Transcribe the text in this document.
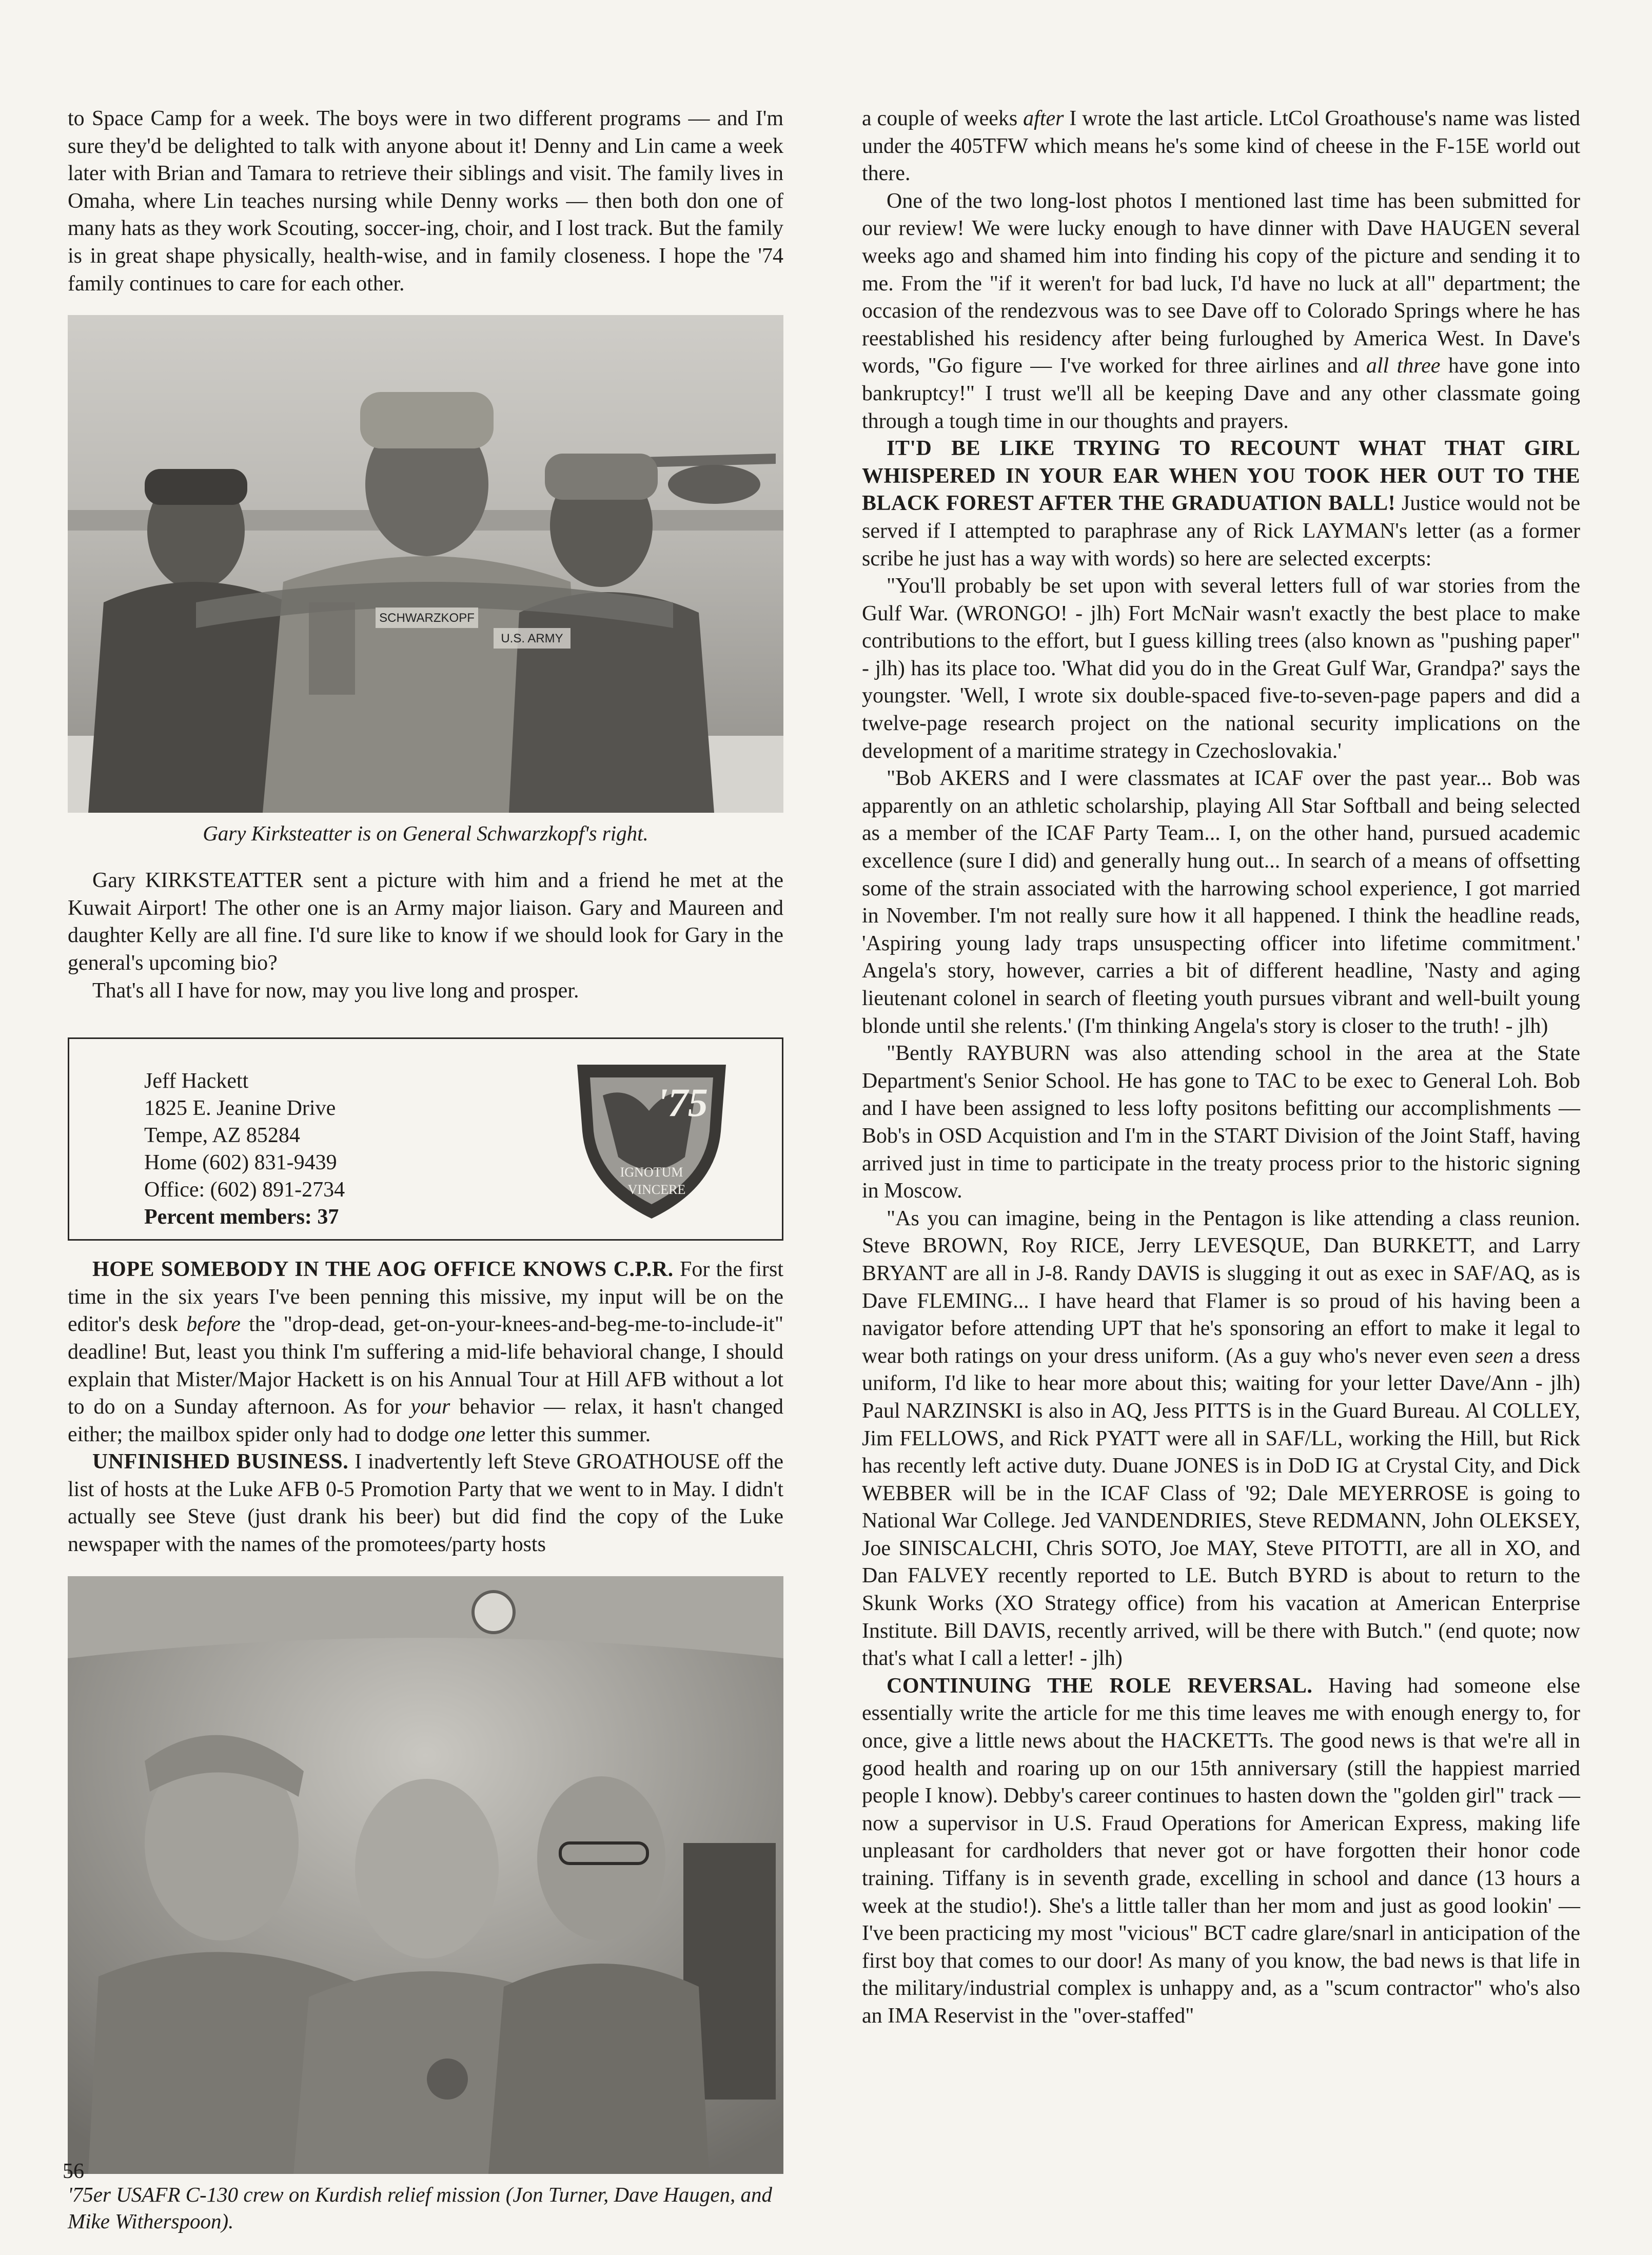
to Space Camp for a week. The boys were in two different programs — and I'm sure they'd be delighted to talk with anyone about it! Denny and Lin came a week later with Brian and Tamara to retrieve their siblings and visit. The family lives in Omaha, where Lin teaches nursing while Denny works — then both don one of many hats as they work Scouting, soccer-ing, choir, and I lost track. But the family is in great shape physically, health-wise, and in family closeness. I hope the '74 family continues to care for each other.

SCHWARZKOPF
U.S. ARMY
Gary Kirksteatter is on General Schwarzkopf's right.

Gary KIRKSTEATTER sent a picture with him and a friend he met at the Kuwait Airport! The other one is an Army major liaison. Gary and Maureen and daughter Kelly are all fine. I'd sure like to know if we should look for Gary in the general's upcoming bio?

That's all I have for now, may you live long and prosper.

Jeff Hackett
1825 E. Jeanine Drive
Tempe, AZ 85284
Home (602) 831-9439
Office: (602) 891-2734
Percent members: 37
'75
IGNOTUM
VINCERE

HOPE SOMEBODY IN THE AOG OFFICE KNOWS C.P.R. For the first time in the six years I've been penning this missive, my input will be on the editor's desk before the "drop-dead, get-on-your-knees-and-beg-me-to-include-it" deadline! But, least you think I'm suffering a mid-life behavioral change, I should explain that Mister/Major Hackett is on his Annual Tour at Hill AFB without a lot to do on a Sunday afternoon. As for your behavior — relax, it hasn't changed either; the mailbox spider only had to dodge one letter this summer.

UNFINISHED BUSINESS. I inadvertently left Steve GROATHOUSE off the list of hosts at the Luke AFB 0-5 Promotion Party that we went to in May. I didn't actually see Steve (just drank his beer) but did find the copy of the Luke newspaper with the names of the promotees/party hosts

'75er USAFR C-130 crew on Kurdish relief mission (Jon Turner, Dave Haugen, and Mike Witherspoon).

a couple of weeks after I wrote the last article. LtCol Groathouse's name was listed under the 405TFW which means he's some kind of cheese in the F-15E world out there.

One of the two long-lost photos I mentioned last time has been submitted for our review! We were lucky enough to have dinner with Dave HAUGEN several weeks ago and shamed him into finding his copy of the picture and sending it to me. From the "if it weren't for bad luck, I'd have no luck at all" department; the occasion of the rendezvous was to see Dave off to Colorado Springs where he has reestablished his residency after being furloughed by America West. In Dave's words, "Go figure — I've worked for three airlines and all three have gone into bankruptcy!" I trust we'll all be keeping Dave and any other classmate going through a tough time in our thoughts and prayers.

IT'D BE LIKE TRYING TO RECOUNT WHAT THAT GIRL WHISPERED IN YOUR EAR WHEN YOU TOOK HER OUT TO THE BLACK FOREST AFTER THE GRADUATION BALL! Justice would not be served if I attempted to paraphrase any of Rick LAYMAN's letter (as a former scribe he just has a way with words) so here are selected excerpts:

"You'll probably be set upon with several letters full of war stories from the Gulf War. (WRONGO! - jlh) Fort McNair wasn't exactly the best place to make contributions to the effort, but I guess killing trees (also known as "pushing paper" - jlh) has its place too. 'What did you do in the Great Gulf War, Grandpa?' says the youngster. 'Well, I wrote six double-spaced five-to-seven-page papers and did a twelve-page research project on the national security implications on the development of a maritime strategy in Czechoslovakia.'

"Bob AKERS and I were classmates at ICAF over the past year... Bob was apparently on an athletic scholarship, playing All Star Softball and being selected as a member of the ICAF Party Team... I, on the other hand, pursued academic excellence (sure I did) and generally hung out... In search of a means of offsetting some of the strain associated with the harrowing school experience, I got married in November. I'm not really sure how it all happened. I think the headline reads, 'Aspiring young lady traps unsuspecting officer into lifetime commitment.' Angela's story, however, carries a bit of different headline, 'Nasty and aging lieutenant colonel in search of fleeting youth pursues vibrant and well-built young blonde until she relents.' (I'm thinking Angela's story is closer to the truth! - jlh)

"Bently RAYBURN was also attending school in the area at the State Department's Senior School. He has gone to TAC to be exec to General Loh. Bob and I have been assigned to less lofty positons befitting our accomplishments — Bob's in OSD Acquistion and I'm in the START Division of the Joint Staff, having arrived just in time to participate in the treaty process prior to the historic signing in Moscow.

"As you can imagine, being in the Pentagon is like attending a class reunion. Steve BROWN, Roy RICE, Jerry LEVESQUE, Dan BURKETT, and Larry BRYANT are all in J-8. Randy DAVIS is slugging it out as exec in SAF/AQ, as is Dave FLEMING... I have heard that Flamer is so proud of his having been a navigator before attending UPT that he's sponsoring an effort to make it legal to wear both ratings on your dress uniform. (As a guy who's never even seen a dress uniform, I'd like to hear more about this; waiting for your letter Dave/Ann - jlh) Paul NARZINSKI is also in AQ, Jess PITTS is in the Guard Bureau. Al COLLEY, Jim FELLOWS, and Rick PYATT were all in SAF/LL, working the Hill, but Rick has recently left active duty. Duane JONES is in DoD IG at Crystal City, and Dick WEBBER will be in the ICAF Class of '92; Dale MEYERROSE is going to National War College. Jed VANDENDRIES, Steve REDMANN, John OLEKSEY, Joe SINISCALCHI, Chris SOTO, Joe MAY, Steve PITOTTI, are all in XO, and Dan FALVEY recently reported to LE. Butch BYRD is about to return to the Skunk Works (XO Strategy office) from his vacation at American Enterprise Institute. Bill DAVIS, recently arrived, will be there with Butch." (end quote; now that's what I call a letter! - jlh)

CONTINUING THE ROLE REVERSAL. Having had someone else essentially write the article for me this time leaves me with enough energy to, for once, give a little news about the HACKETTs. The good news is that we're all in good health and roaring up on our 15th anniversary (still the happiest married people I know). Debby's career continues to hasten down the "golden girl" track — now a supervisor in U.S. Fraud Operations for American Express, making life unpleasant for cardholders that never got or have forgotten their honor code training. Tiffany is in seventh grade, excelling in school and dance (13 hours a week at the studio!). She's a little taller than her mom and just as good lookin' — I've been practicing my most "vicious" BCT cadre glare/snarl in anticipation of the first boy that comes to our door! As many of you know, the bad news is that life in the military/industrial complex is unhappy and, as a "scum contractor" who's also an IMA Reservist in the "over-staffed"

56
